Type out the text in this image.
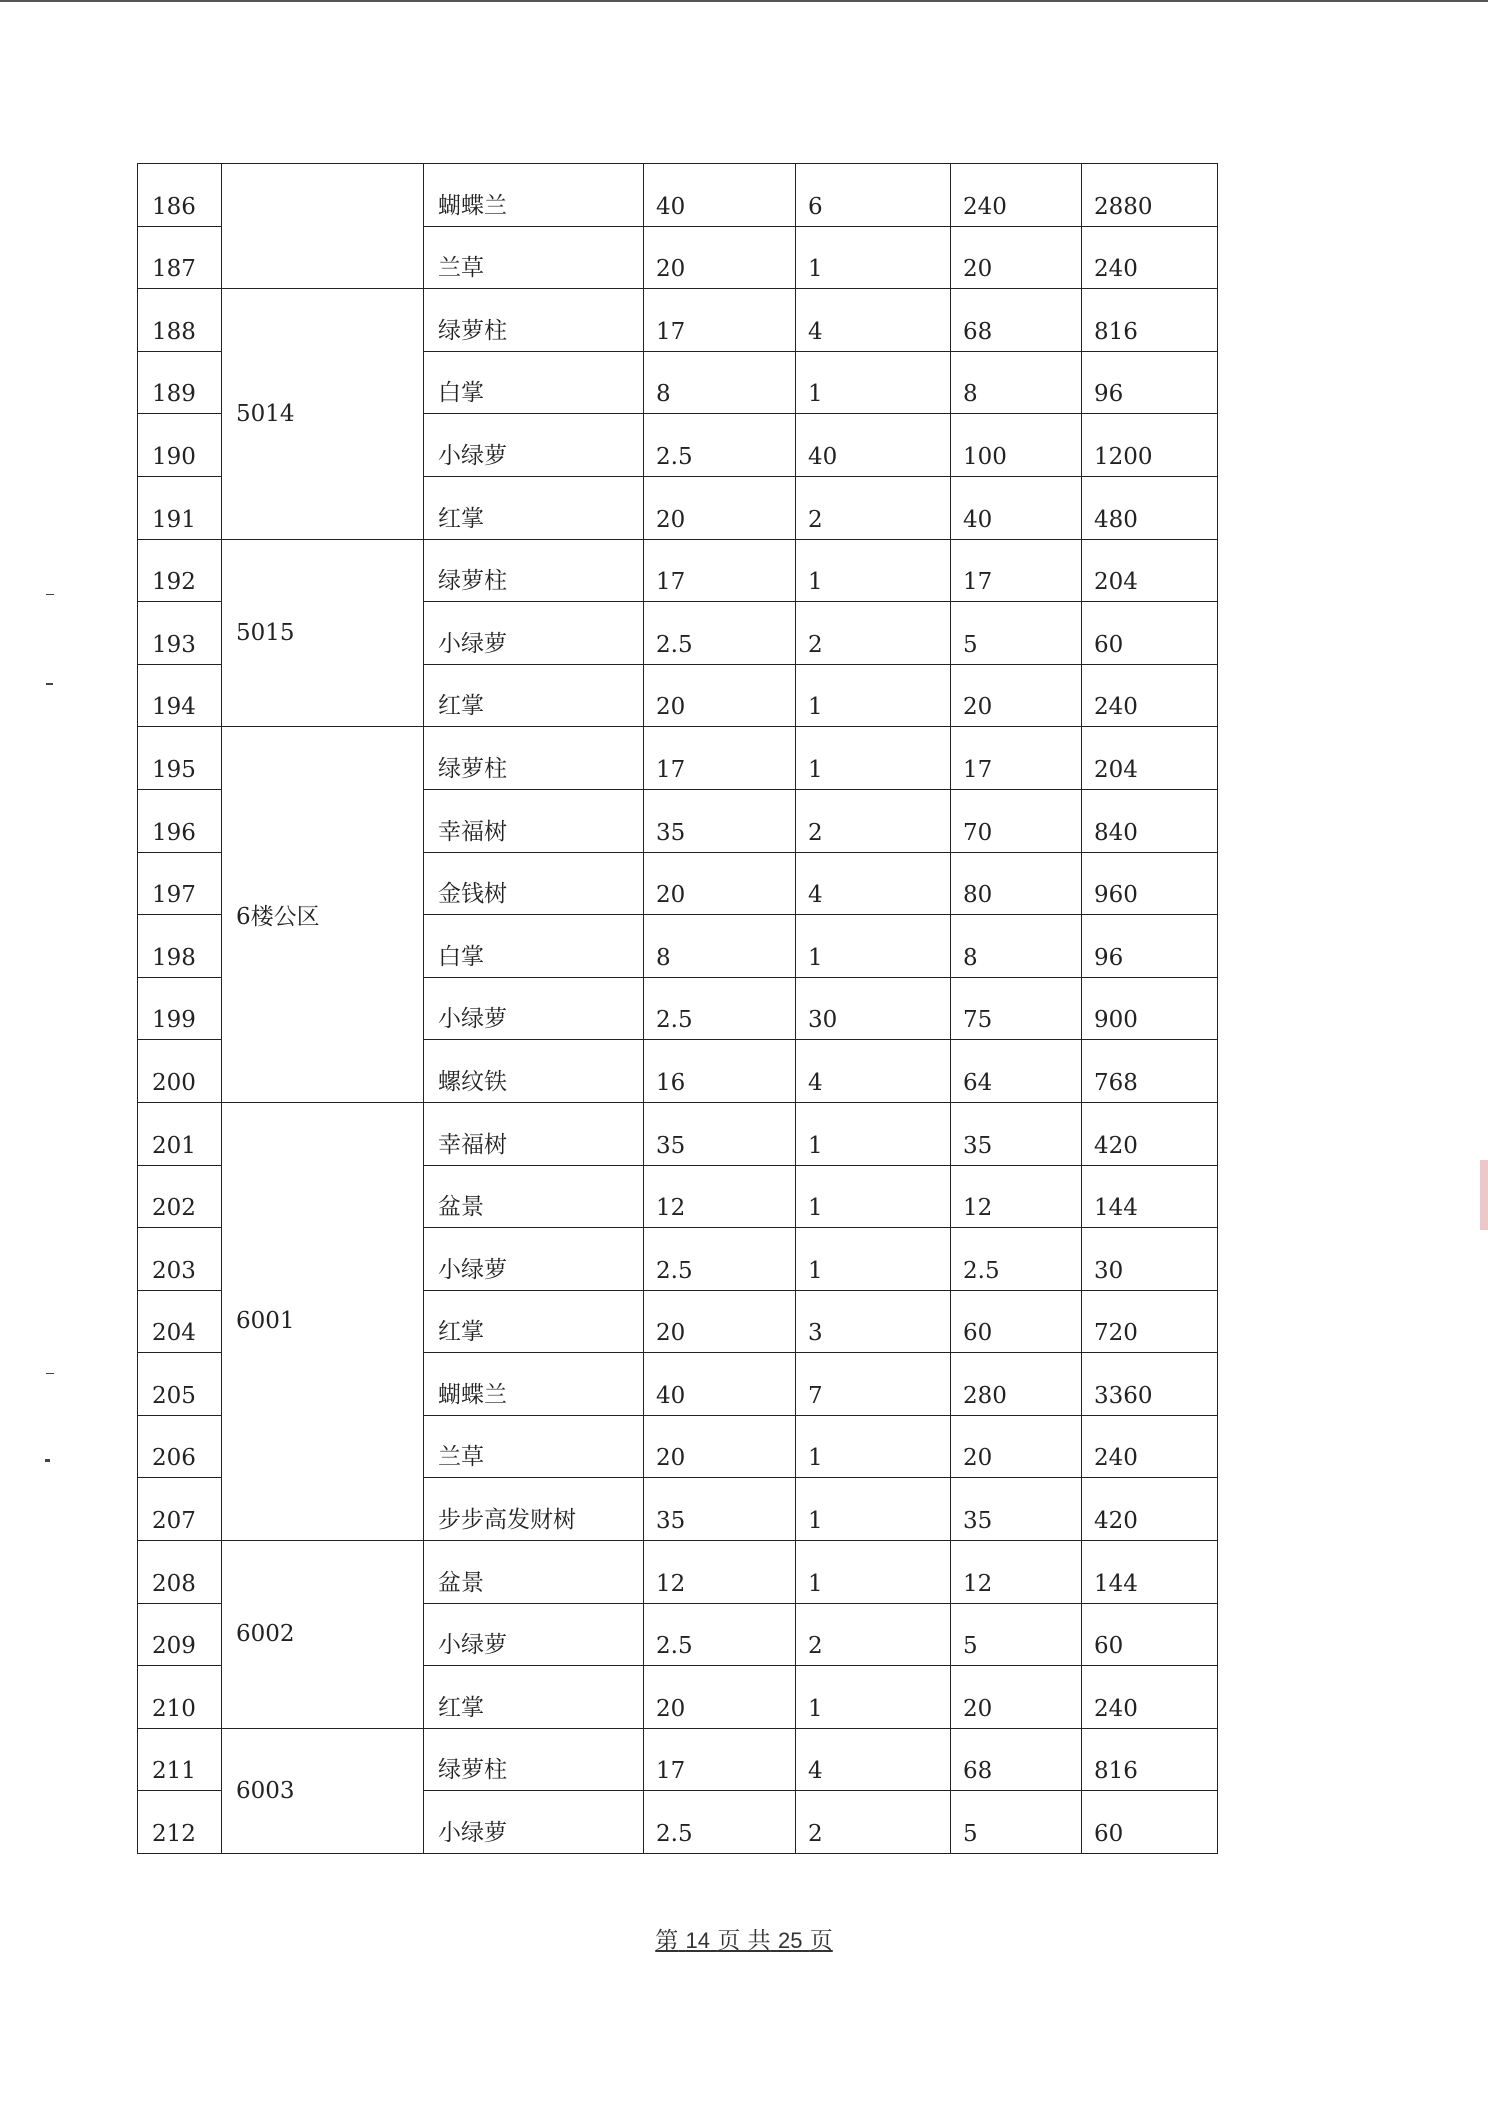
186		蝴蝶兰	40	6	240	2880
187		兰草	20	1	20	240
188	5014	绿萝柱	17	4	68	816
189		白掌	8	1	8	96
190		小绿萝	2.5	40	100	1200
191		红掌	20	2	40	480
192	5015	绿萝柱	17	1	17	204
193		小绿萝	2.5	2	5	60
194		红掌	20	1	20	240
195	6楼公区	绿萝柱	17	1	17	204
196		幸福树	35	2	70	840
197		金钱树	20	4	80	960
198		白掌	8	1	8	96
199		小绿萝	2.5	30	75	900
200		螺纹铁	16	4	64	768
201	6001	幸福树	35	1	35	420
202		盆景	12	1	12	144
203		小绿萝	2.5	1	2.5	30
204		红掌	20	3	60	720
205		蝴蝶兰	40	7	280	3360
206		兰草	20	1	20	240
207		步步高发财树	35	1	35	420
208	6002	盆景	12	1	12	144
209		小绿萝	2.5	2	5	60
210		红掌	20	1	20	240
211	6003	绿萝柱	17	4	68	816
212		小绿萝	2.5	2	5	60
第 14 页 共 25 页
